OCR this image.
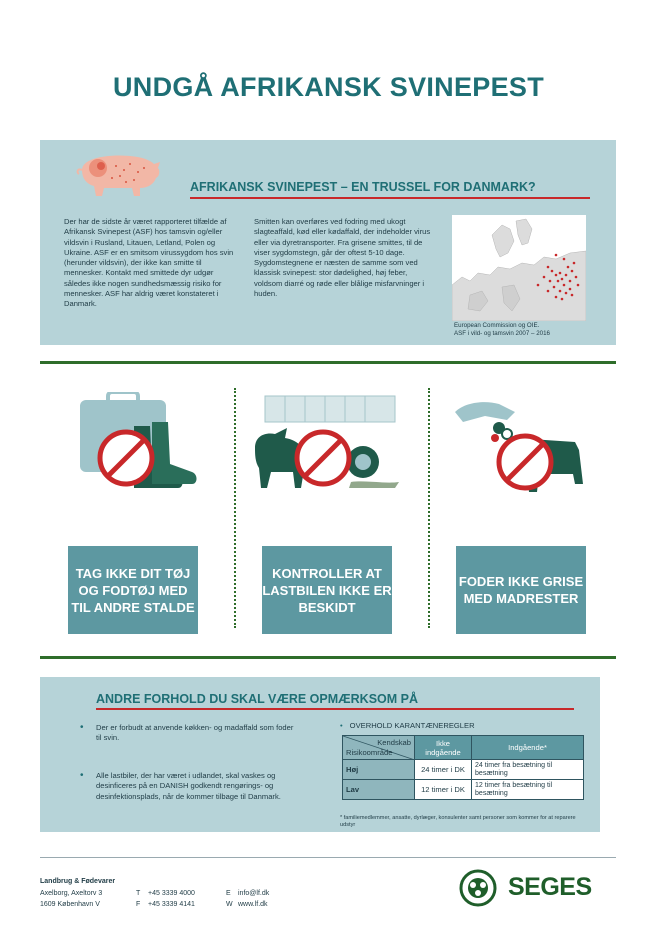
UNDGÅ AFRIKANSK SVINEPEST
AFRIKANSK SVINEPEST – EN TRUSSEL FOR DANMARK?
Der har de sidste år været rapporteret tilfælde af Afrikansk Svinepest (ASF) hos tamsvin og/eller vildsvin i Rusland, Litauen, Letland, Polen og Ukraine. ASF er en smitsom virussygdom hos svin (herunder vildsvin), der ikke kan smitte til mennesker. Kontakt med smittede dyr udgør således ikke nogen sundhedsmæssig risiko for mennesker. ASF har aldrig været konstateret i Danmark.
Smitten kan overføres ved fodring med ukogt slagteaffald, kød eller kødaffald, der indeholder virus eller via dyretransporter. Fra grisene smittes, til de viser sygdomstegn, går der oftest 5-10 dage. Sygdomstegnene er næsten de samme som ved klassisk svinepest: stor dødelighed, høj feber, voldsom diarré og røde eller blålige misfarvninger i huden.
European Commission og OIE.
ASF i vild- og tamsvin 2007 – 2016
TAG IKKE DIT TØJ OG FODTØJ MED TIL ANDRE STALDE
KONTROLLER AT LASTBILEN IKKE ER BESKIDT
FODER IKKE GRISE MED MADRESTER
ANDRE FORHOLD DU SKAL VÆRE OPMÆRKSOM PÅ
• Der er forbudt at anvende køkken- og madaffald som foder til svin.
• Alle lastbiler, der har været i udlandet, skal vaskes og desinficeres på en DANISH godkendt rengørings- og desinfektionsplads, når de kommer tilbage til Danmark.
• OVERHOLD KARANTÆNEREGLER
Kendskab
Risikoområde	Ikke indgående	Indgående*
Høj	24 timer i DK	24 timer fra besætning til besætning
Lav	12 timer i DK	12 timer fra besætning til besætning
* familiemedlemmer, ansatte, dyrlæger, konsulenter samt personer som kommer for at reparere udstyr
Landbrug & Fødevarer
Axelborg, Axeltorv 3
1609 København V
T +45 3339 4000
F +45 3339 4141
E info@lf.dk
W www.lf.dk
SEGES
